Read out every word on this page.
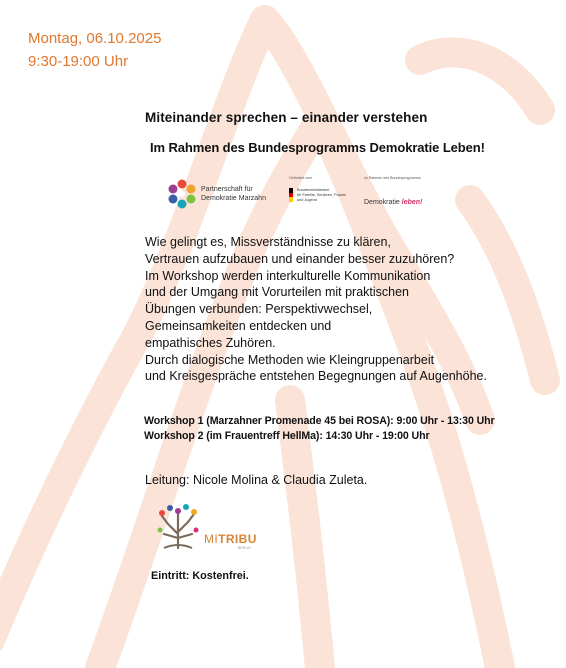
Montag, 06.10.2025
9:30-19:00 Uhr
Miteinander sprechen – einander verstehen
Im Rahmen des Bundesprogramms Demokratie Leben!
Partnerschaft für
Demokratie Marzahn
Gefördert vom
Bundesministerium
für Familie, Senioren, Frauen
und Jugend
im Rahmen des Bundesprogramms
Demokratie leben!
Wie gelingt es, Missverständnisse zu klären,
Vertrauen aufzubauen und einander besser zuzuhören?
Im Workshop werden interkulturelle Kommunikation
und der Umgang mit Vorurteilen mit praktischen
Übungen verbunden: Perspektivwechsel,
Gemeinsamkeiten entdecken und
empathisches Zuhören.
Durch dialogische Methoden wie Kleingruppenarbeit
und Kreisgespräche entstehen Begegnungen auf Augenhöhe.
Workshop 1 (Marzahner Promenade 45 bei ROSA): 9:00 Uhr - 13:30 Uhr
Workshop 2 (im Frauentreff HellMa): 14:30 Uhr - 19:00 Uhr
Leitung: Nicole Molina & Claudia Zuleta.
MITRIBU
BERLIN
Eintritt: Kostenfrei.
